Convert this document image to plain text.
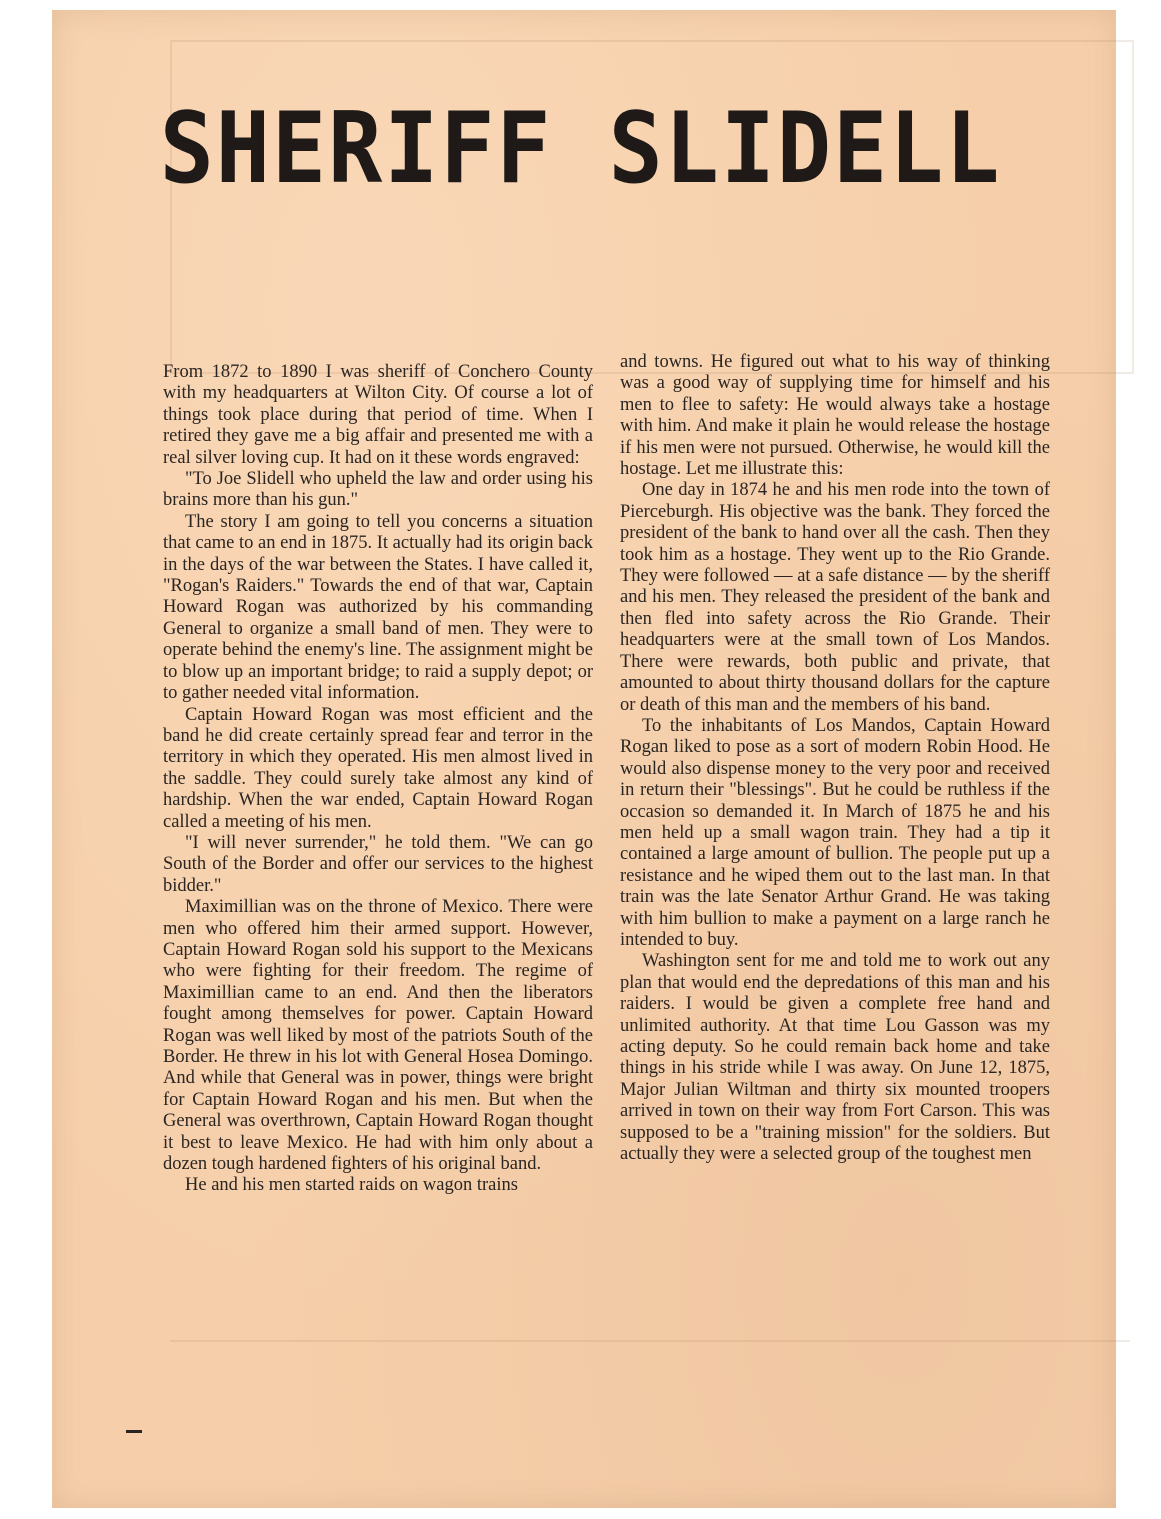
SHERIFF SLIDELL

From 1872 to 1890 I was sheriff of Conchero County with my headquarters at Wilton City. Of course a lot of things took place during that period of time. When I retired they gave me a big affair and presented me with a real silver loving cup. It had on it these words engraved:

"To Joe Slidell who upheld the law and order using his brains more than his gun."

The story I am going to tell you concerns a situation that came to an end in 1875. It actually had its origin back in the days of the war between the States. I have called it, "Rogan's Raiders." Towards the end of that war, Captain Howard Rogan was authorized by his commanding General to organize a small band of men. They were to operate behind the enemy's line. The assignment might be to blow up an important bridge; to raid a supply depot; or to gather needed vital information.

Captain Howard Rogan was most efficient and the band he did create certainly spread fear and terror in the territory in which they operated. His men almost lived in the saddle. They could surely take almost any kind of hardship. When the war ended, Captain Howard Rogan called a meeting of his men.

"I will never surrender," he told them. "We can go South of the Border and offer our services to the highest bidder."

Maximillian was on the throne of Mexico. There were men who offered him their armed support. However, Captain Howard Rogan sold his support to the Mexicans who were fighting for their freedom. The regime of Maximillian came to an end. And then the liberators fought among themselves for power. Captain Howard Rogan was well liked by most of the patriots South of the Border. He threw in his lot with General Hosea Domingo. And while that General was in power, things were bright for Captain Howard Rogan and his men. But when the General was overthrown, Captain Howard Rogan thought it best to leave Mexico. He had with him only about a dozen tough hardened fighters of his original band.

He and his men started raids on wagon trains

and towns. He figured out what to his way of thinking was a good way of supplying time for himself and his men to flee to safety: He would always take a hostage with him. And make it plain he would release the hostage if his men were not pursued. Otherwise, he would kill the hostage. Let me illustrate this:

One day in 1874 he and his men rode into the town of Pierceburgh. His objective was the bank. They forced the president of the bank to hand over all the cash. Then they took him as a hostage. They went up to the Rio Grande. They were followed — at a safe distance — by the sheriff and his men. They released the president of the bank and then fled into safety across the Rio Grande. Their headquarters were at the small town of Los Mandos. There were rewards, both public and private, that amounted to about thirty thousand dollars for the capture or death of this man and the members of his band.

To the inhabitants of Los Mandos, Captain Howard Rogan liked to pose as a sort of modern Robin Hood. He would also dispense money to the very poor and received in return their "blessings". But he could be ruthless if the occasion so demanded it. In March of 1875 he and his men held up a small wagon train. They had a tip it contained a large amount of bullion. The people put up a resistance and he wiped them out to the last man. In that train was the late Senator Arthur Grand. He was taking with him bullion to make a payment on a large ranch he intended to buy.

Washington sent for me and told me to work out any plan that would end the depredations of this man and his raiders. I would be given a complete free hand and unlimited authority. At that time Lou Gasson was my acting deputy. So he could remain back home and take things in his stride while I was away. On June 12, 1875, Major Julian Wiltman and thirty six mounted troopers arrived in town on their way from Fort Carson. This was supposed to be a "training mission" for the soldiers. But actually they were a selected group of the toughest men
